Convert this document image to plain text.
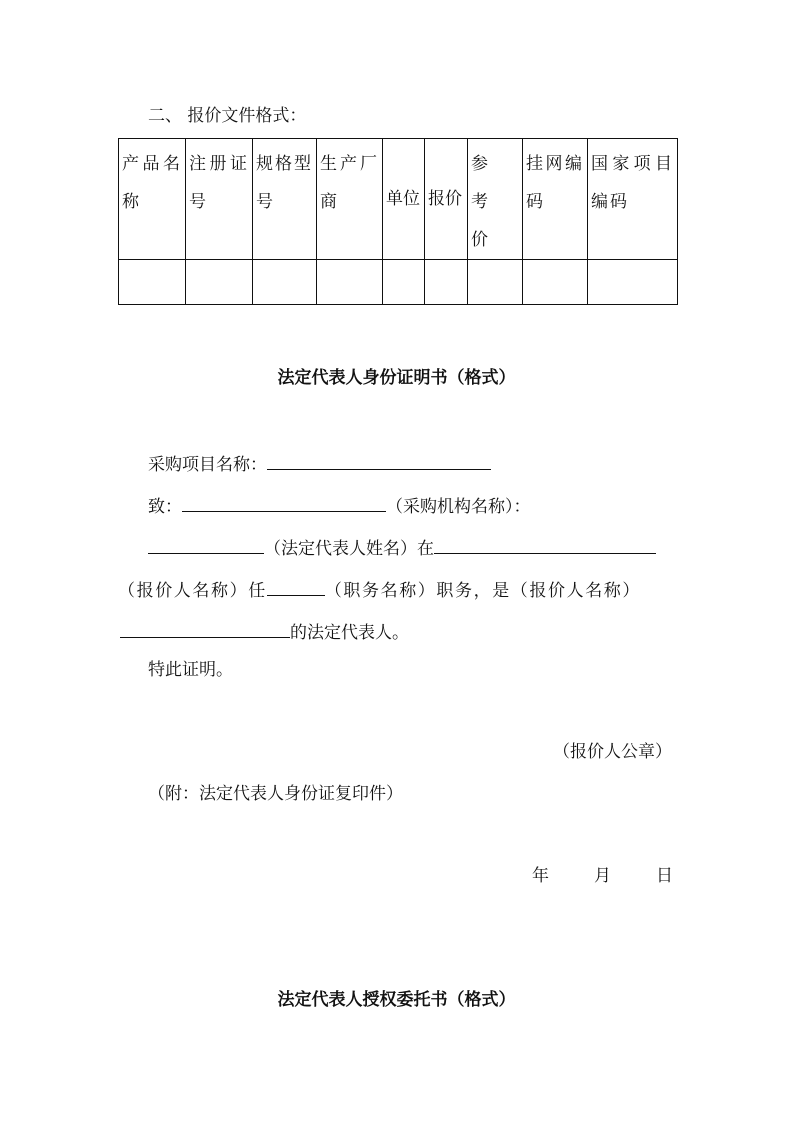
二、 报价文件格式：
产品名称	注册证号	规格型号	生产厂商	单位	报价	参考价	挂网编码	国家项目编码

法定代表人身份证明书（格式）
采购项目名称：
致：	（采购机构名称）：
（法定代表人姓名）在
（报价人名称）任	（职务名称）职务，是（报价人名称）
的法定代表人。
特此证明。
（报价人公章）
（附：法定代表人身份证复印件）
年	月	日
法定代表人授权委托书（格式）
